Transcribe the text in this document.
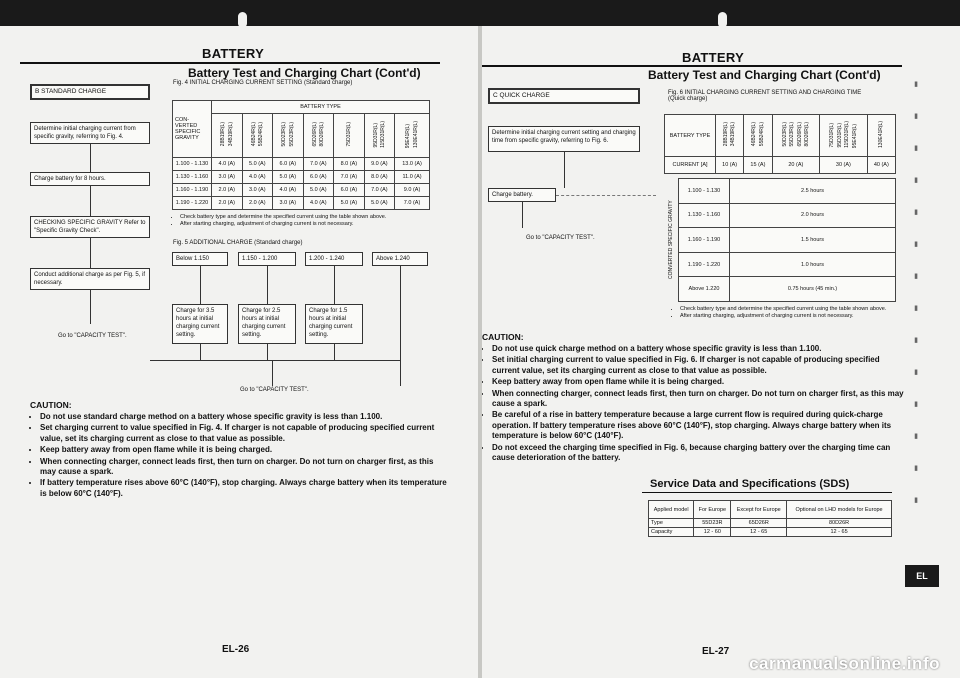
BATTERY
Battery Test and Charging Chart (Cont'd)
B STANDARD CHARGE
Determine initial charging current from specific gravity, referring to Fig. 4.
Charge battery for 8 hours.
CHECKING SPECIFIC GRAVITY Refer to "Specific Gravity Check".
Conduct additional charge as per Fig. 5, if necessary.
Go to "CAPACITY TEST".
Fig. 4 INITIAL CHARGING CURRENT SETTING (Standard charge)
CON-VERTED SPECIFIC GRAVITY	BATTERY TYPE						
	28B19R(L) 34B19R(L)	46B24R(L) 55B24R(L)	50D23R(L) 55D23R(L)	65D26R(L) 80D26R(L)	75D31R(L)	95D31R(L) 115D31R(L)	95E41R(L) 130E41R(L)
1.100 - 1.130	4.0 (A)	5.0 (A)	6.0 (A)	7.0 (A)	8.0 (A)	9.0 (A)	13.0 (A)
1.130 - 1.160	3.0 (A)	4.0 (A)	5.0 (A)	6.0 (A)	7.0 (A)	8.0 (A)	11.0 (A)
1.160 - 1.190	2.0 (A)	3.0 (A)	4.0 (A)	5.0 (A)	6.0 (A)	7.0 (A)	9.0 (A)
1.190 - 1.220	2.0 (A)	2.0 (A)	3.0 (A)	4.0 (A)	5.0 (A)	5.0 (A)	7.0 (A)
• Check battery type and determine the specified current using the table shown above.
• After starting charging, adjustment of charging current is not necessary.
Fig. 5 ADDITIONAL CHARGE (Standard charge)
Below 1.150	1.150 - 1.200	1.200 - 1.240	Above 1.240
Charge for 3.5 hours at initial charging current setting.
Charge for 2.5 hours at initial charging current setting.
Charge for 1.5 hours at initial charging current setting.
Go to "CAPACITY TEST".
CAUTION:
• Do not use standard charge method on a battery whose specific gravity is less than 1.100.
• Set charging current to value specified in Fig. 4. If charger is not capable of producing specified current value, set its charging current as close to that value as possible.
• Keep battery away from open flame while it is being charged.
• When connecting charger, connect leads first, then turn on charger. Do not turn on charger first, as this may cause a spark.
• If battery temperature rises above 60°C (140°F), stop charging. Always charge battery when its temperature is below 60°C (140°F).
EL-26
BATTERY
Battery Test and Charging Chart (Cont'd)
C QUICK CHARGE
Determine initial charging current setting and charging time from specific gravity, referring to Fig. 6.
Charge battery.
Go to "CAPACITY TEST".
Fig. 6 INITIAL CHARGING CURRENT SETTING AND CHARGING TIME (Quick charge)
BATTERY TYPE	28B19R(L) 34B19R(L)	46B24R(L) 55B24R(L)	50D23R(L) 55D23R(L) 65D26R(L) 80D26R(L)	75D31R(L) 95D31R(L) 115D31R(L) 95E41R(L)	130E41R(L)
CURRENT [A]	10 (A)	15 (A)	20 (A)	30 (A)	40 (A)
CONVERTED SPECIFIC GRAVITY
1.100 - 1.130	2.5 hours
1.130 - 1.160	2.0 hours
1.160 - 1.190	1.5 hours
1.190 - 1.220	1.0 hours
Above 1.220	0.75 hours (45 min.)
• Check battery type and determine the specified current using the table shown above.
• After starting charging, adjustment of charging current is not necessary.
CAUTION:
• Do not use quick charge method on a battery whose specific gravity is less than 1.100.
• Set initial charging current to value specified in Fig. 6. If charger is not capable of producing specified current value, set its charging current as close to that value as possible.
• Keep battery away from open flame while it is being charged.
• When connecting charger, connect leads first, then turn on charger. Do not turn on charger first, as this may cause a spark.
• Be careful of a rise in battery temperature because a large current flow is required during quick-charge operation. If battery temperature rises above 60°C (140°F), stop charging. Always charge battery when its temperature is below 60°C (140°F).
• Do not exceed the charging time specified in Fig. 6, because charging battery over the charging time can cause deterioration of the battery.
Service Data and Specifications (SDS)
Applied model	For Europe	Except for Europe	Optional on LHD models for Europe
Type	55D23R	65D26R	80D26R
Capacity	12 - 60	12 - 65	12 - 65
EL-27
▮
▮
▮
▮
▮
▮
▮
▮
▮
▮
▮
▮
▮
▮
EL
carmanualsonline.info
